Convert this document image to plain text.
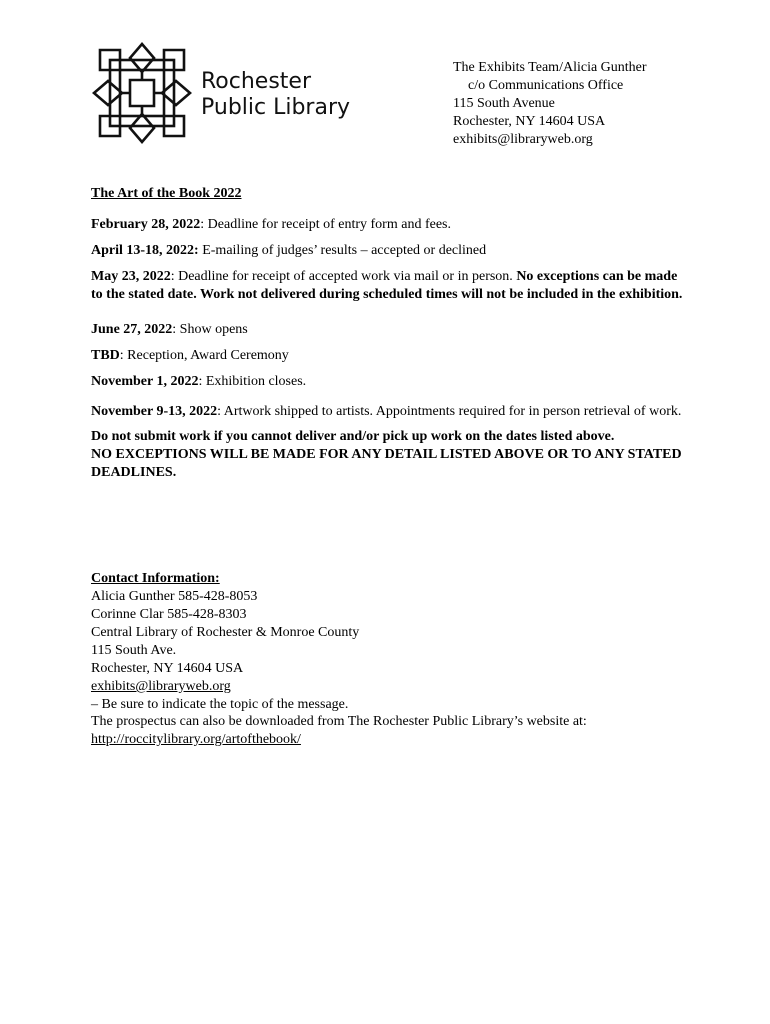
Rochester
Public Library
The Exhibits Team/Alicia Gunther
c/o Communications Office
115 South Avenue
Rochester, NY 14604 USA
exhibits@libraryweb.org

The Art of the Book 2022

February 28, 2022: Deadline for receipt of entry form and fees.

April 13-18, 2022: E-mailing of judges’ results – accepted or declined

May 23, 2022: Deadline for receipt of accepted work via mail or in person. No exceptions can be made to the stated date. Work not delivered during scheduled times will not be included in the exhibition.

June 27, 2022: Show opens

TBD: Reception, Award Ceremony

November 1, 2022: Exhibition closes.

November 9-13, 2022: Artwork shipped to artists. Appointments required for in person retrieval of work.

Do not submit work if you cannot deliver and/or pick up work on the dates listed above.

NO EXCEPTIONS WILL BE MADE FOR ANY DETAIL LISTED ABOVE OR TO ANY STATED DEADLINES.

Contact Information:
Alicia Gunther 585-428-8053
Corinne Clar 585-428-8303
Central Library of Rochester & Monroe County
115 South Ave.
Rochester, NY 14604 USA
exhibits@libraryweb.org
– Be sure to indicate the topic of the message.
The prospectus can also be downloaded from The Rochester Public Library’s website at:
http://roccitylibrary.org/artofthebook/
